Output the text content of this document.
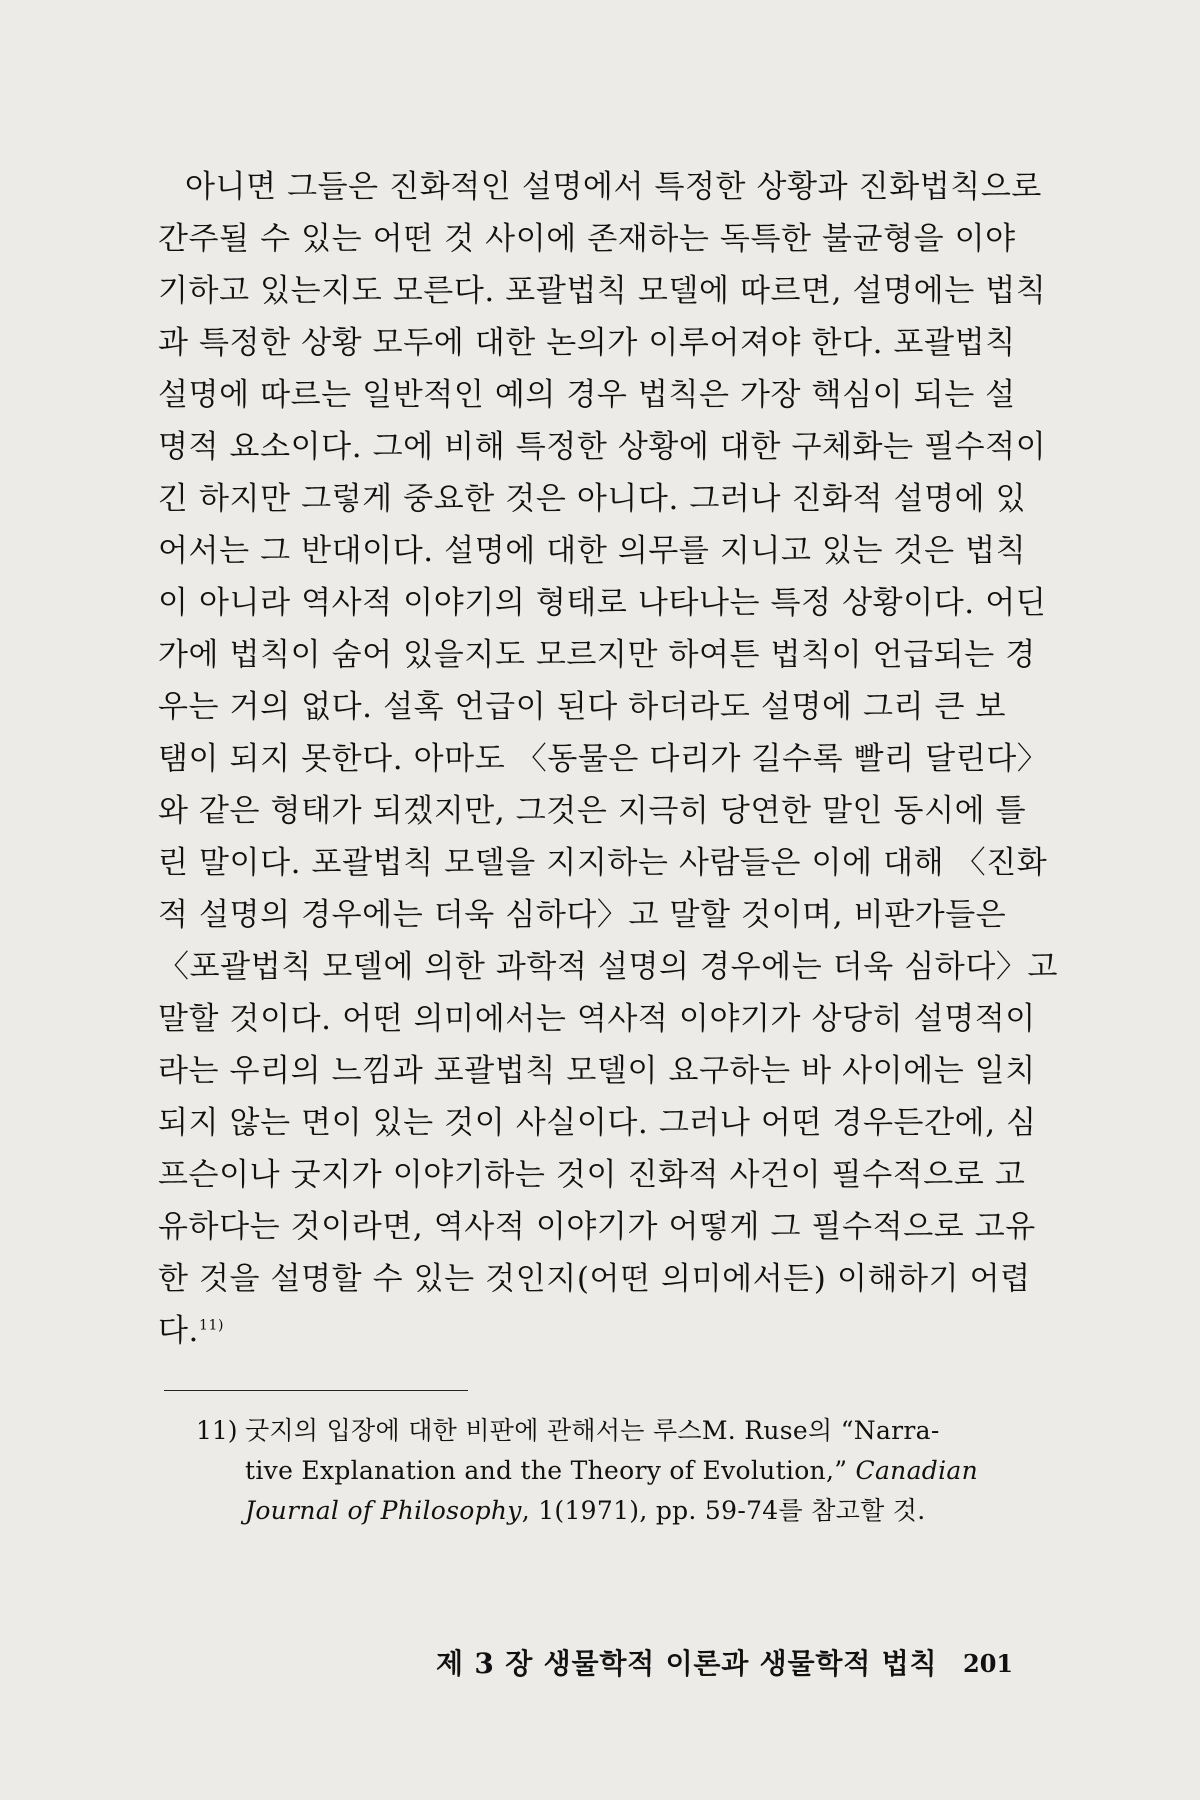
아니면 그들은 진화적인 설명에서 특정한 상황과 진화법칙으로
간주될 수 있는 어떤 것 사이에 존재하는 독특한 불균형을 이야
기하고 있는지도 모른다. 포괄법칙 모델에 따르면, 설명에는 법칙
과 특정한 상황 모두에 대한 논의가 이루어져야 한다. 포괄법칙
설명에 따르는 일반적인 예의 경우 법칙은 가장 핵심이 되는 설
명적 요소이다. 그에 비해 특정한 상황에 대한 구체화는 필수적이
긴 하지만 그렇게 중요한 것은 아니다. 그러나 진화적 설명에 있
어서는 그 반대이다. 설명에 대한 의무를 지니고 있는 것은 법칙
이 아니라 역사적 이야기의 형태로 나타나는 특정 상황이다. 어딘
가에 법칙이 숨어 있을지도 모르지만 하여튼 법칙이 언급되는 경
우는 거의 없다. 설혹 언급이 된다 하더라도 설명에 그리 큰 보
탬이 되지 못한다. 아마도 〈동물은 다리가 길수록 빨리 달린다〉
와 같은 형태가 되겠지만, 그것은 지극히 당연한 말인 동시에 틀
린 말이다. 포괄법칙 모델을 지지하는 사람들은 이에 대해 〈진화
적 설명의 경우에는 더욱 심하다〉고 말할 것이며, 비판가들은
〈포괄법칙 모델에 의한 과학적 설명의 경우에는 더욱 심하다〉고
말할 것이다. 어떤 의미에서는 역사적 이야기가 상당히 설명적이
라는 우리의 느낌과 포괄법칙 모델이 요구하는 바 사이에는 일치
되지 않는 면이 있는 것이 사실이다. 그러나 어떤 경우든간에, 심
프슨이나 굿지가 이야기하는 것이 진화적 사건이 필수적으로 고
유하다는 것이라면, 역사적 이야기가 어떻게 그 필수적으로 고유
한 것을 설명할 수 있는 것인지(어떤 의미에서든) 이해하기 어렵
다.$^{11)}$
11) 굿지의 입장에 대한 비판에 관해서는 루스M. Ruse의 “Narra-
tive Explanation and the Theory of Evolution,” Canadian
Journal of Philosophy, 1(1971), pp. 59-74를 참고할 것.
제 3 장 생물학적 이론과 생물학적 법칙 201
